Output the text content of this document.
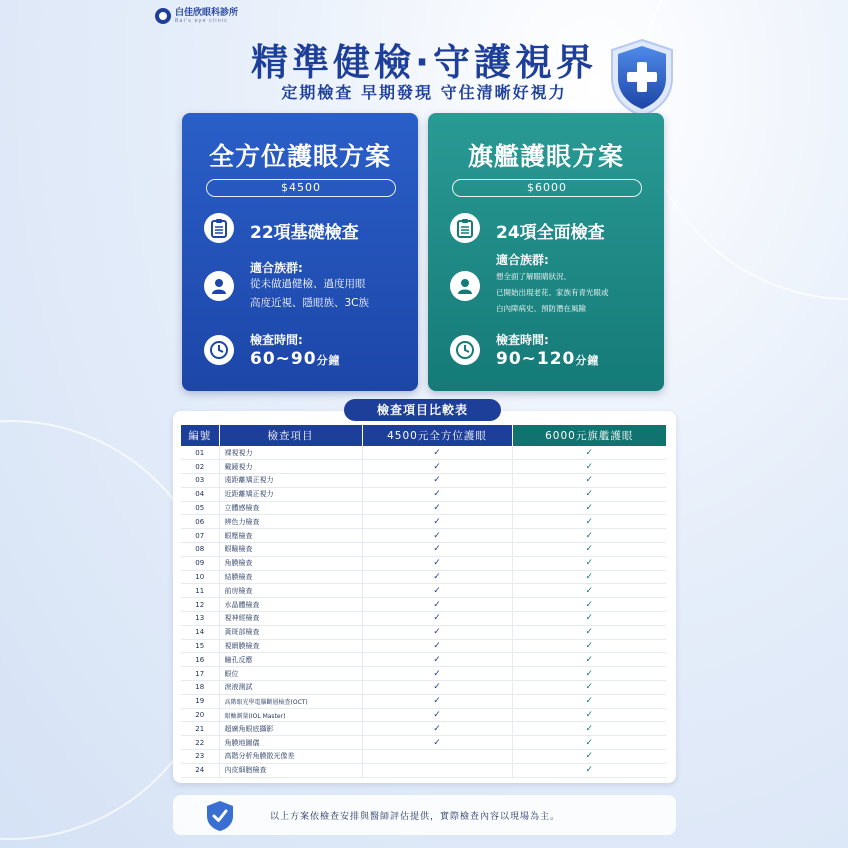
白佳欣眼科診所
Bai's eye clinic
精準健檢·守護視界
定期檢查 早期發現 守住清晰好視力
全方位護眼方案
$4500
22項基礎檢查
適合族群:
從未做過健檢、過度用眼
高度近視、隱眼族、3C族
檢查時間:
60~90分鐘
旗艦護眼方案
$6000
24項全面檢查
適合族群:
想全面了解眼睛狀況、
已開始出現老花、家族有青光眼或
白內障病史、預防潛在風險
檢查時間:
90~120分鐘
檢查項目比較表
編號	檢查項目	4500元全方位護眼	6000元旗艦護眼
01	裸視視力	✓	✓
02	戴鏡視力	✓	✓
03	遠距離矯正視力	✓	✓
04	近距離矯正視力	✓	✓
05	立體感檢查	✓	✓
06	辨色力檢查	✓	✓
07	眼壓檢查	✓	✓
08	眼瞼檢查	✓	✓
09	角膜檢查	✓	✓
10	結膜檢查	✓	✓
11	前房檢查	✓	✓
12	水晶體檢查	✓	✓
13	視神經檢查	✓	✓
14	黃斑部檢查	✓	✓
15	視網膜檢查	✓	✓
16	瞳孔反應	✓	✓
17	眼位	✓	✓
18	淚液測試	✓	✓
19	高階眼光學電腦斷層檢查(OCT)	✓	✓
20	眼軸測量(IOL Master)	✓	✓
21	超廣角眼底攝影	✓	✓
22	角膜地圖儀	✓	✓
23	高階分析角膜散光像差		✓
24	內皮細胞檢查		✓
以上方案依檢查安排與醫師評估提供，實際檢查內容以現場為主。
